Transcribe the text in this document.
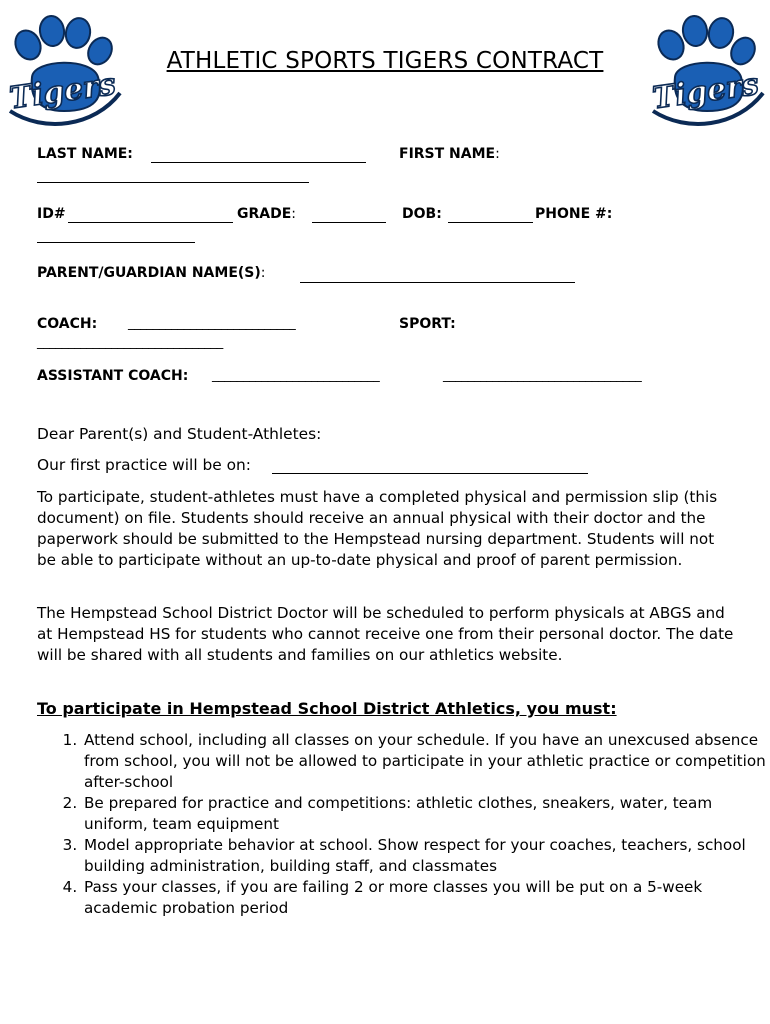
Tigers	Tigers
ATHLETIC SPORTS TIGERS CONTRACT
LAST NAME:	FIRST NAME:
ID#	GRADE:	DOB:	PHONE #:
PARENT/GUARDIAN NAME(S):
COACH: ___________________________	SPORT:
______________________________
ASSISTANT COACH: ___________________________	________________________________
Dear Parent(s) and Student-Athletes:
Our first practice will be on:
To participate, student-athletes must have a completed physical and permission slip (this document) on file. Students should receive an annual physical with their doctor and the paperwork should be submitted to the Hempstead nursing department. Students will not be able to participate without an up-to-date physical and proof of parent permission.
The Hempstead School District Doctor will be scheduled to perform physicals at ABGS and at Hempstead HS for students who cannot receive one from their personal doctor. The date will be shared with all students and families on our athletics website.
To participate in Hempstead School District Athletics, you must:
1. Attend school, including all classes on your schedule. If you have an unexcused absence from school, you will not be allowed to participate in your athletic practice or competition after-school
2. Be prepared for practice and competitions: athletic clothes, sneakers, water, team uniform, team equipment
3. Model appropriate behavior at school. Show respect for your coaches, teachers, school building administration, building staff, and classmates
4. Pass your classes, if you are failing 2 or more classes you will be put on a 5-week academic probation period
